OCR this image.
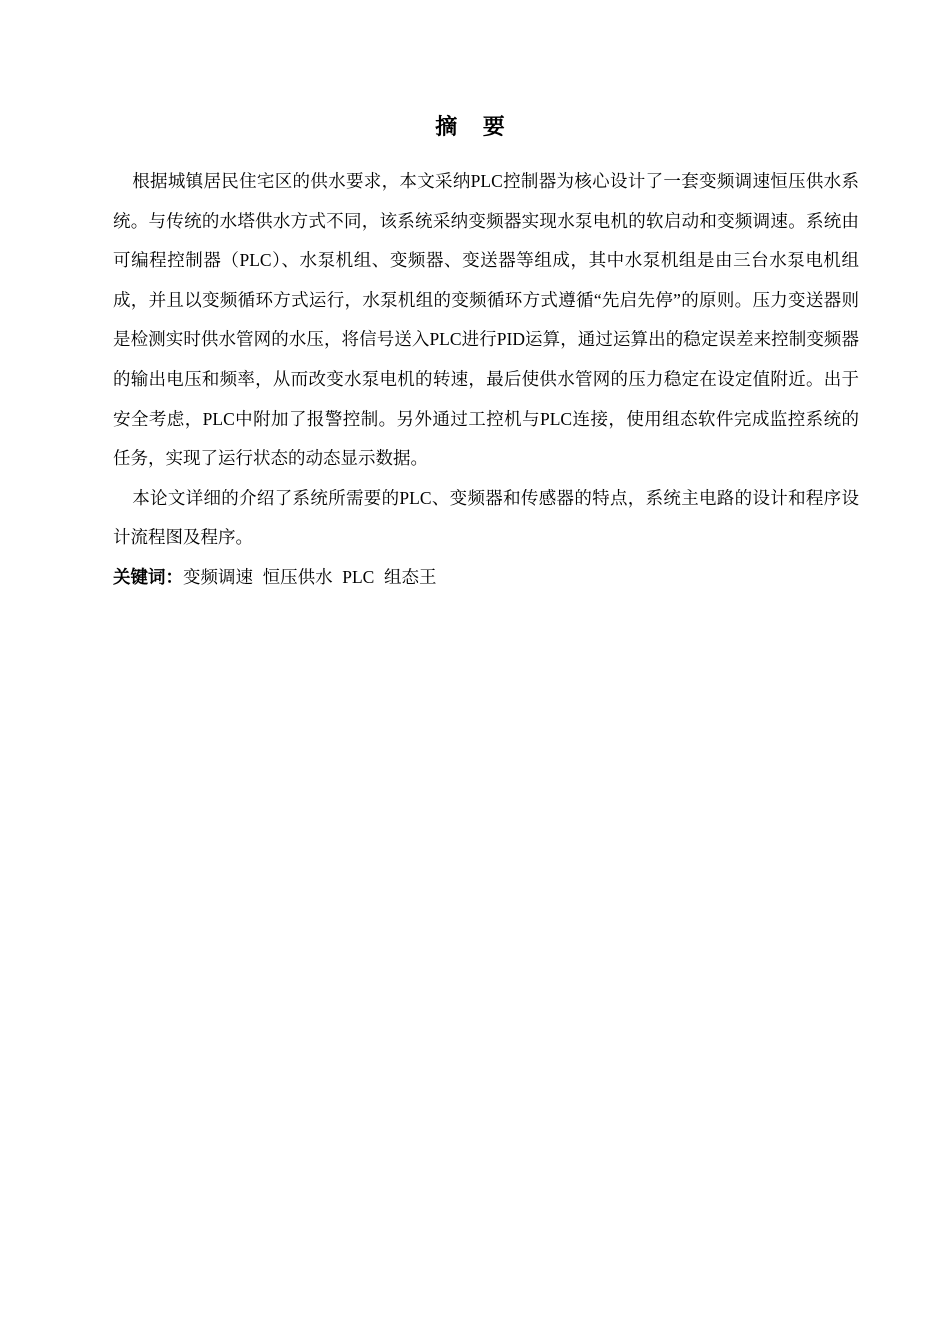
摘 要

根据城镇居民住宅区的供水要求，本文采纳PLC控制器为核心设计了一套变频调速恒压供水系统。与传统的水塔供水方式不同，该系统采纳变频器实现水泵电机的软启动和变频调速。系统由可编程控制器（PLC）、水泵机组、变频器、变送器等组成，其中水泵机组是由三台水泵电机组成，并且以变频循环方式运行，水泵机组的变频循环方式遵循“先启先停”的原则。压力变送器则是检测实时供水管网的水压，将信号送入PLC进行PID运算，通过运算出的稳定误差来控制变频器的输出电压和频率，从而改变水泵电机的转速，最后使供水管网的压力稳定在设定值附近。出于安全考虑，PLC中附加了报警控制。另外通过工控机与PLC连接，使用组态软件完成监控系统的任务，实现了运行状态的动态显示数据。

本论文详细的介绍了系统所需要的PLC、变频器和传感器的特点，系统主电路的设计和程序设计流程图及程序。

关键词：变频调速 恒压供水 PLC 组态王
